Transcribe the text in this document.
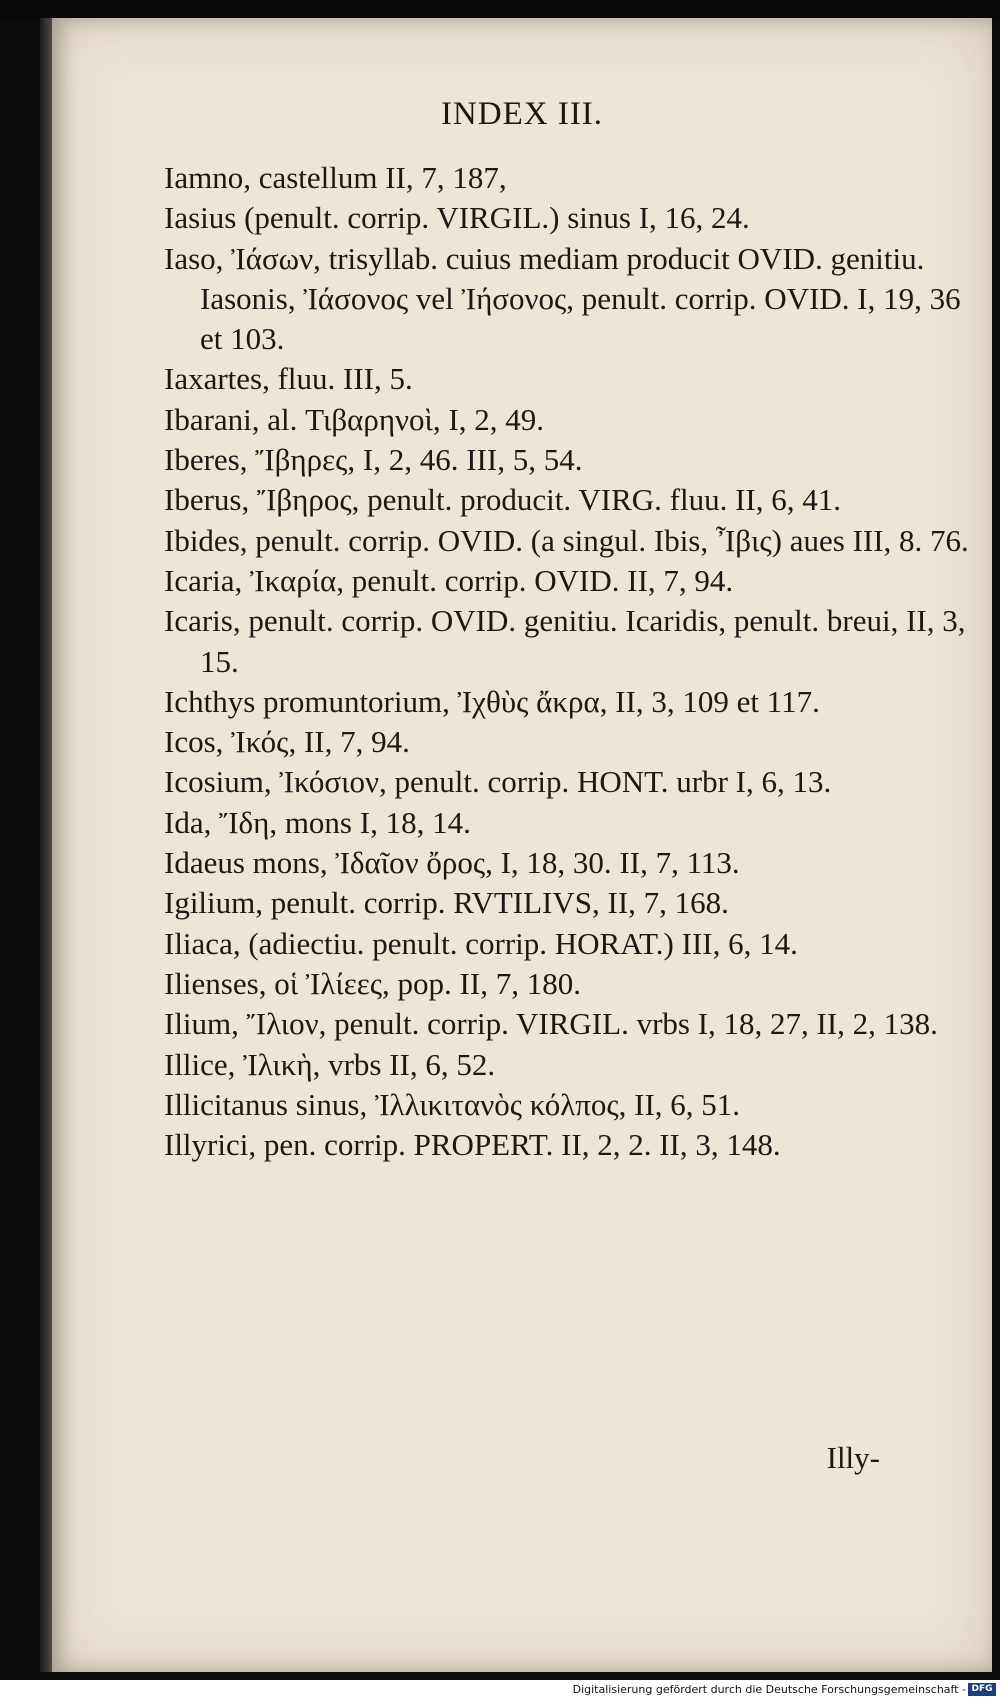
INDEX III.

Iamno, castellum II, 7, 187,

Iasius (penult. corrip. VIRGIL.) sinus I, 16, 24.

Iaso, Ἰάσων, trisyllab. cuius mediam producit OVID. genitiu. Iasonis, Ἰάσονος vel Ἰήσονος, penult. corrip. OVID. I, 19, 36 et 103.

Iaxartes, fluu. III, 5.

Ibarani, al. Τιβαρηνοὶ, I, 2, 49.

Iberes, Ἴβηρες, I, 2, 46. III, 5, 54.

Iberus, Ἴβηρος, penult. producit. VIRG. fluu. II, 6, 41.

Ibides, penult. corrip. OVID. (a singul. Ibis, Ἶβις) aues III, 8. 76.

Icaria, Ἰκαρία, penult. corrip. OVID. II, 7, 94.

Icaris, penult. corrip. OVID. genitiu. Icaridis, penult. breui, II, 3, 15.

Ichthys promuntorium, Ἰχθὺς ἄκρα, II, 3, 109 et 117.

Icos, Ἰκός, II, 7, 94.

Icosium, Ἰκόσιον, penult. corrip. HONT. urbr I, 6, 13.

Ida, Ἴδη, mons I, 18, 14.

Idaeus mons, Ἰδαῖον ὄρος, I, 18, 30. II, 7, 113.

Igilium, penult. corrip. RVTILIVS, II, 7, 168.

Iliaca, (adiectiu. penult. corrip. HORAT.) III, 6, 14.

Ilienses, οἱ Ἰλίεες, pop. II, 7, 180.

Ilium, Ἴλιον, penult. corrip. VIRGIL. vrbs I, 18, 27, II, 2, 138.

Illice, Ἰλικὴ, vrbs II, 6, 52.

Illicitanus sinus, Ἰλλικιτανὸς κόλπος, II, 6, 51.

Illyrici, pen. corrip. PROPERT. II, 2, 2. II, 3, 148.

Illy-
Digitalisierung gefördert durch die Deutsche Forschungsgemeinschaft - DFG
